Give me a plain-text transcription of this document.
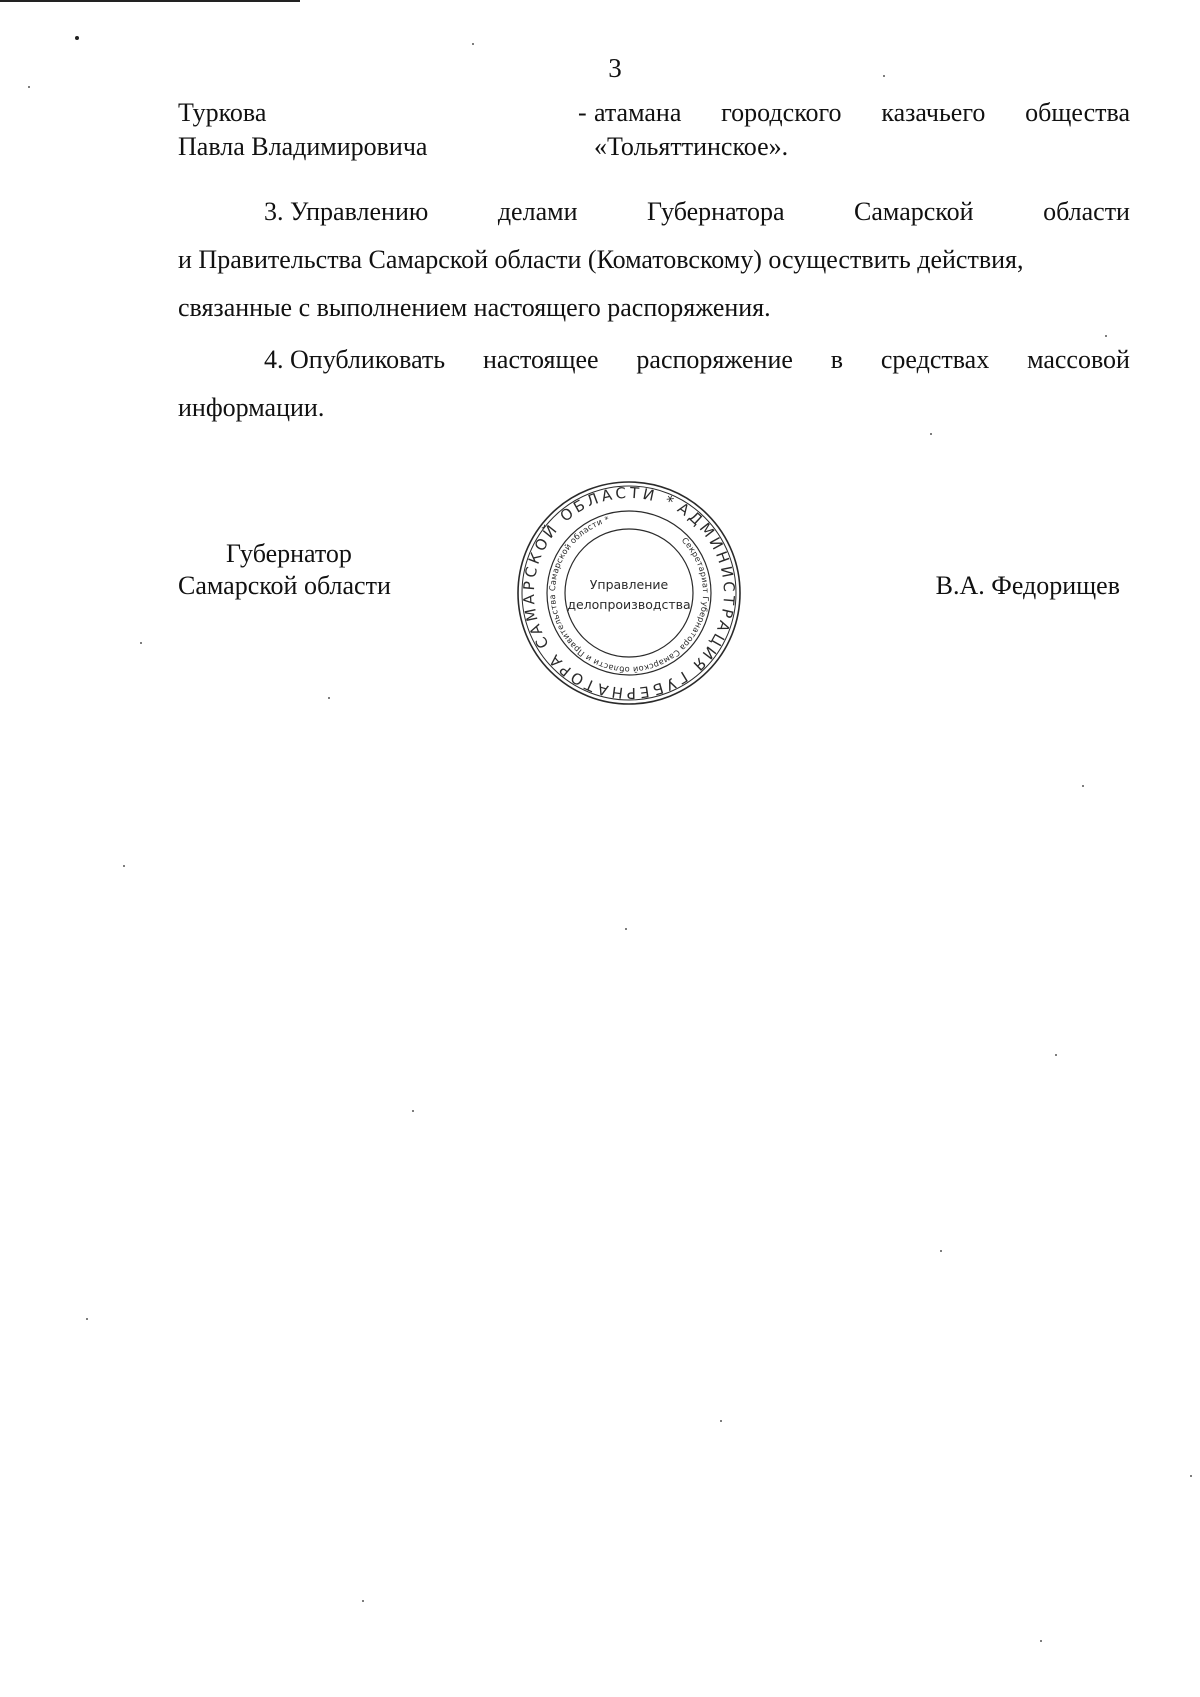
3
Туркова
Павла Владимировича
- атамана городского казачьего общества
«Тольяттинское».
3. Управлению	делами	Губернатора	Самарской	области
и Правительства Самарской области (Коматовскому) осуществить действия,
связанные с выполнением настоящего распоряжения.
4. Опубликовать настоящее распоряжение в средствах массовой
информации.
Губернатор
Самарской области	В.А. Федорищев
АДМИНИСТРАЦИЯ ГУБЕРНАТОРА САМАРСКОЙ ОБЛАСТИ *
Секретариат Губернатора Самарской области и Правительства Самарской области *
Управление
делопроизводства
